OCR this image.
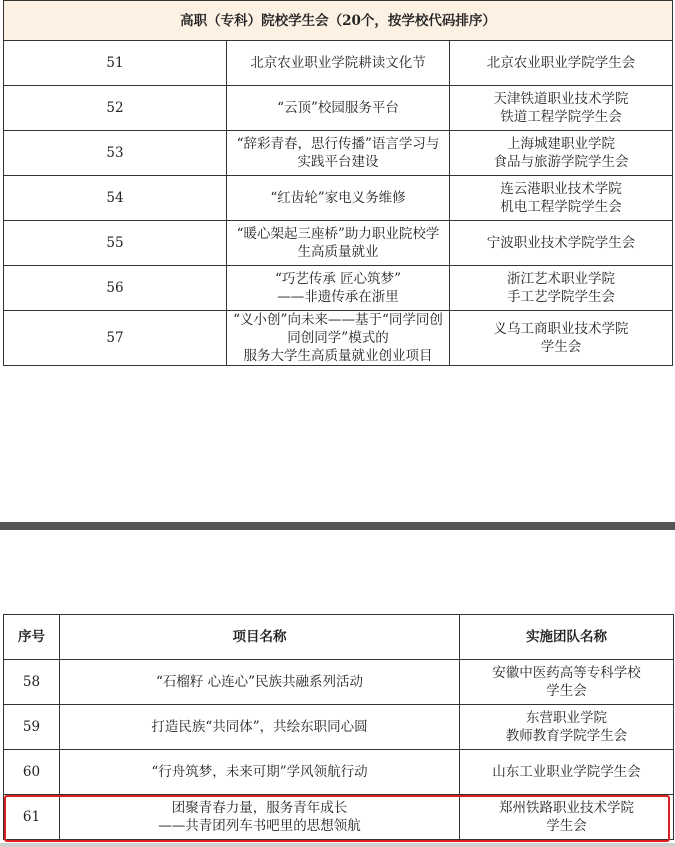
高职（专科）院校学生会（20个，按学校代码排序）		
51	北京农业职业学院耕读文化节	北京农业职业学院学生会

52	“云顶”校园服务平台	天津铁道职业技术学院
铁道工程学院学生会

53	“辞彩青春，思行传播”语言学习与实践平台建设	上海城建职业学院
食品与旅游学院学生会

54	“红齿轮”家电义务维修	连云港职业技术学院
机电工程学院学生会

55	“暖心架起三座桥”助力职业院校学生高质量就业	宁波职业技术学院学生会

56	“巧艺传承 匠心筑梦”
——非遗传承在浙里	浙江艺术职业学院
手工艺学院学生会

57	“义小创”向未来——基于“同学同创 同创同学”模式的
服务大学生高质量就业创业项目	义乌工商职业技术学院
学生会
序号	项目名称	实施团队名称
58	“石榴籽 心连心”民族共融系列活动	安徽中医药高等专科学校
学生会

59	打造民族“共同体”，共绘东职同心圆	东营职业学院
教师教育学院学生会

60	“行舟筑梦，未来可期”学风领航行动	山东工业职业学院学生会

61	团聚青春力量，服务青年成长
——共青团列车书吧里的思想领航	郑州铁路职业技术学院
学生会
